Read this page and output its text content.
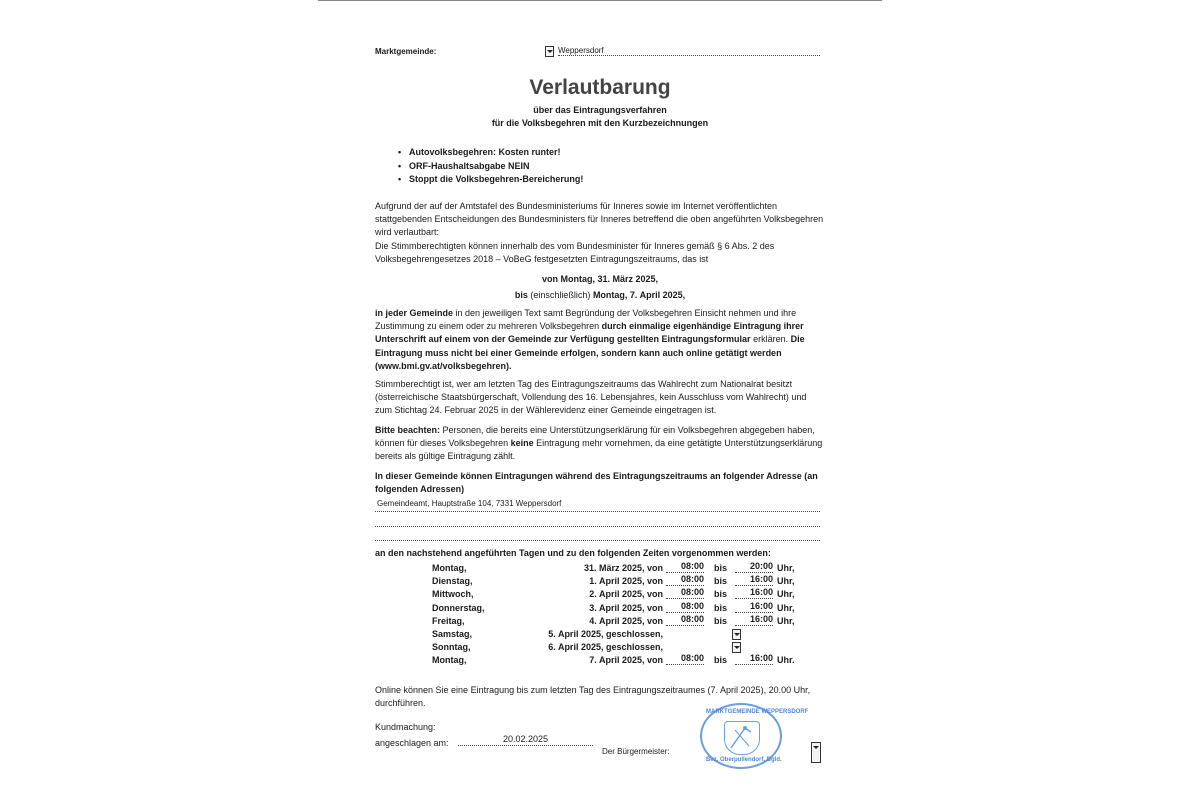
Marktgemeinde:	Weppersdorf
Verlautbarung
über das Eintragungsverfahren
für die Volksbegehren mit den Kurzbezeichnungen
• Autovolksbegehren: Kosten runter!
• ORF-Haushaltsabgabe NEIN
• Stoppt die Volksbegehren-Bereicherung!

Aufgrund der auf der Amtstafel des Bundesministeriums für Inneres sowie im Internet veröffentlichten stattgebenden Entscheidungen des Bundesministers für Inneres betreffend die oben angeführten Volksbegehren wird verlautbart:

Die Stimmberechtigten können innerhalb des vom Bundesminister für Inneres gemäß § 6 Abs. 2 des Volksbegehrengesetzes 2018 – VoBeG festgesetzten Eintragungszeitraums, das ist

von Montag, 31. März 2025,
bis (einschließlich) Montag, 7. April 2025,

in jeder Gemeinde in den jeweiligen Text samt Begründung der Volksbegehren Einsicht nehmen und ihre Zustimmung zu einem oder zu mehreren Volksbegehren durch einmalige eigenhändige Eintragung ihrer Unterschrift auf einem von der Gemeinde zur Verfügung gestellten Eintragungsformular erklären. Die Eintragung muss nicht bei einer Gemeinde erfolgen, sondern kann auch online getätigt werden (www.bmi.gv.at/volksbegehren).

Stimmberechtigt ist, wer am letzten Tag des Eintragungszeitraums das Wahlrecht zum Nationalrat besitzt (österreichische Staatsbürgerschaft, Vollendung des 16. Lebensjahres, kein Ausschluss vom Wahlrecht) und zum Stichtag 24. Februar 2025 in der Wählerevidenz einer Gemeinde eingetragen ist.

Bitte beachten: Personen, die bereits eine Unterstützungserklärung für ein Volksbegehren abgegeben haben, können für dieses Volksbegehren keine Eintragung mehr vornehmen, da eine getätigte Unterstützungserklärung bereits als gültige Eintragung zählt.

In dieser Gemeinde können Eintragungen während des Eintragungszeitraums an folgender Adresse (an folgenden Adressen)
Gemeindeamt, Hauptstraße 104, 7331 Weppersdorf
an den nachstehend angeführten Tagen und zu den folgenden Zeiten vorgenommen werden:
Montag,	31. März 2025, von	08:00 bis	20:00 Uhr,
Dienstag,	1. April 2025, von	08:00 bis	16:00 Uhr,
Mittwoch,	2. April 2025, von	08:00 bis	16:00 Uhr,
Donnerstag,	3. April 2025, von	08:00 bis	16:00 Uhr,
Freitag,	4. April 2025, von	08:00 bis	16:00 Uhr,
Samstag,	5. April 2025, geschlossen,
Sonntag,	6. April 2025, geschlossen,
Montag,	7. April 2025, von	08:00 bis	16:00 Uhr.
Online können Sie eine Eintragung bis zum letzten Tag des Eintragungszeitraumes (7. April 2025), 20.00 Uhr, durchführen.
Kundmachung:
angeschlagen am:	20.02.2025
Der Bürgermeister:
MARKTGEMEINDE WEPPERSDORF
Bez. Oberpullendorf, Bgld.
